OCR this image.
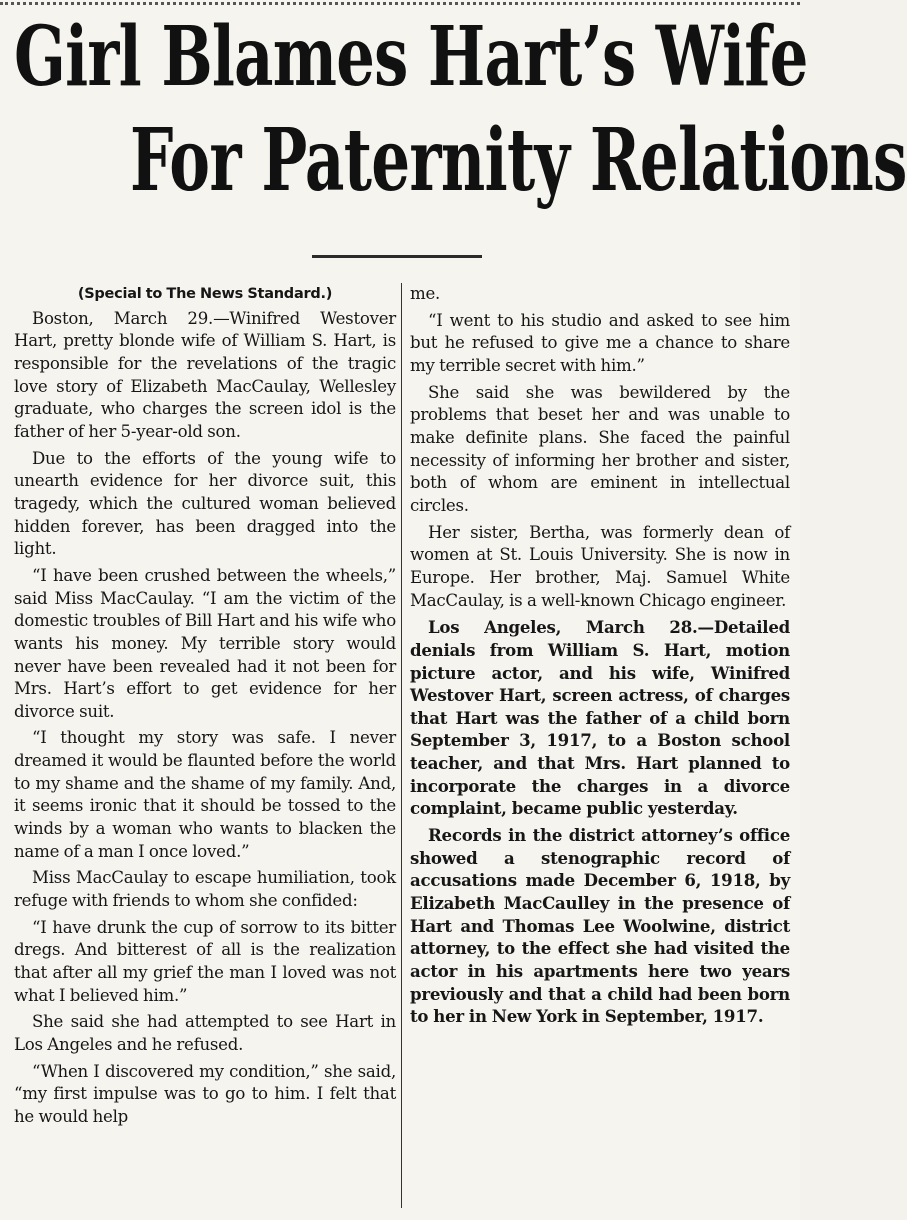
Girl Blames Hart’s Wife
For Paternity Relations

(Special to The News Standard.)

Boston, March 29.—Winifred Westover Hart, pretty blonde wife of William S. Hart, is responsible for the revelations of the tragic love story of Elizabeth MacCaulay, Wellesley graduate, who charges the screen idol is the father of her 5-year-old son.

Due to the efforts of the young wife to unearth evidence for her divorce suit, this tragedy, which the cultured woman believed hidden forever, has been dragged into the light.

“I have been crushed between the wheels,” said Miss MacCaulay. “I am the victim of the domestic troubles of Bill Hart and his wife who wants his money. My terrible story would never have been revealed had it not been for Mrs. Hart’s effort to get evidence for her divorce suit.

“I thought my story was safe. I never dreamed it would be flaunted before the world to my shame and the shame of my family. And, it seems ironic that it should be tossed to the winds by a woman who wants to blacken the name of a man I once loved.”

Miss MacCaulay to escape humiliation, took refuge with friends to whom she confided:

“I have drunk the cup of sorrow to its bitter dregs. And bitterest of all is the realization that after all my grief the man I loved was not what I believed him.”

She said she had attempted to see Hart in Los Angeles and he refused.

“When I discovered my condition,” she said, “my first impulse was to go to him. I felt that he would help

me.

“I went to his studio and asked to see him but he refused to give me a chance to share my terrible secret with him.”

She said she was bewildered by the problems that beset her and was unable to make definite plans. She faced the painful necessity of informing her brother and sister, both of whom are eminent in intellectual circles.

Her sister, Bertha, was formerly dean of women at St. Louis University. She is now in Europe. Her brother, Maj. Samuel White MacCaulay, is a well-known Chicago engineer.

Los Angeles, March 28.—Detailed denials from William S. Hart, motion picture actor, and his wife, Winifred Westover Hart, screen actress, of charges that Hart was the father of a child born September 3, 1917, to a Boston school teacher, and that Mrs. Hart planned to incorporate the charges in a divorce complaint, became public yesterday.

Records in the district attorney’s office showed a stenographic record of accusations made December 6, 1918, by Elizabeth MacCaulley in the presence of Hart and Thomas Lee Woolwine, district attorney, to the effect she had visited the actor in his apartments here two years previously and that a child had been born to her in New York in September, 1917.
